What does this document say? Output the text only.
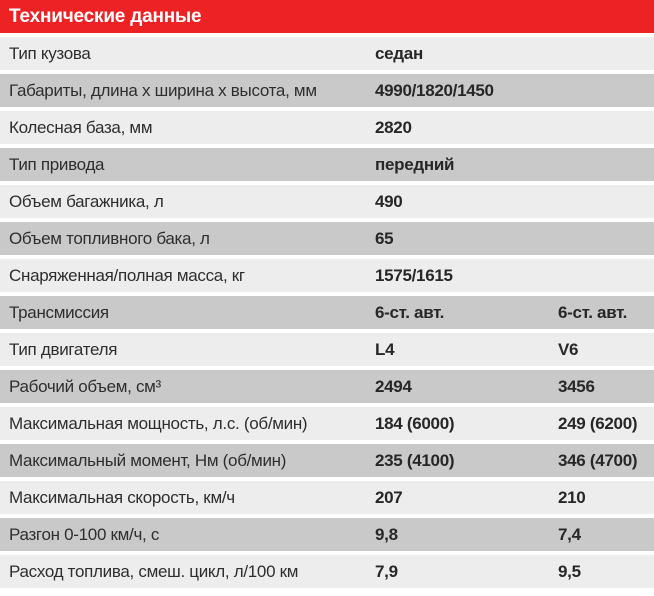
Технические данные
Тип кузова	седан
Габариты, длина х ширина х высота, мм	4990/1820/1450
Колесная база, мм	2820
Тип привода	передний
Объем багажника, л	490
Объем топливного бака, л	65
Снаряженная/полная масса, кг	1575/1615
Трансмиссия	6-ст. авт.	6-ст. авт.
Тип двигателя	L4	V6
Рабочий объем, см³	2494	3456
Максимальная мощность, л.с. (об/мин)	184 (6000)	249 (6200)
Максимальный момент, Нм (об/мин)	235 (4100)	346 (4700)
Максимальная скорость, км/ч	207	210
Разгон 0-100 км/ч, с	9,8	7,4
Расход топлива, смеш. цикл, л/100 км	7,9	9,5
